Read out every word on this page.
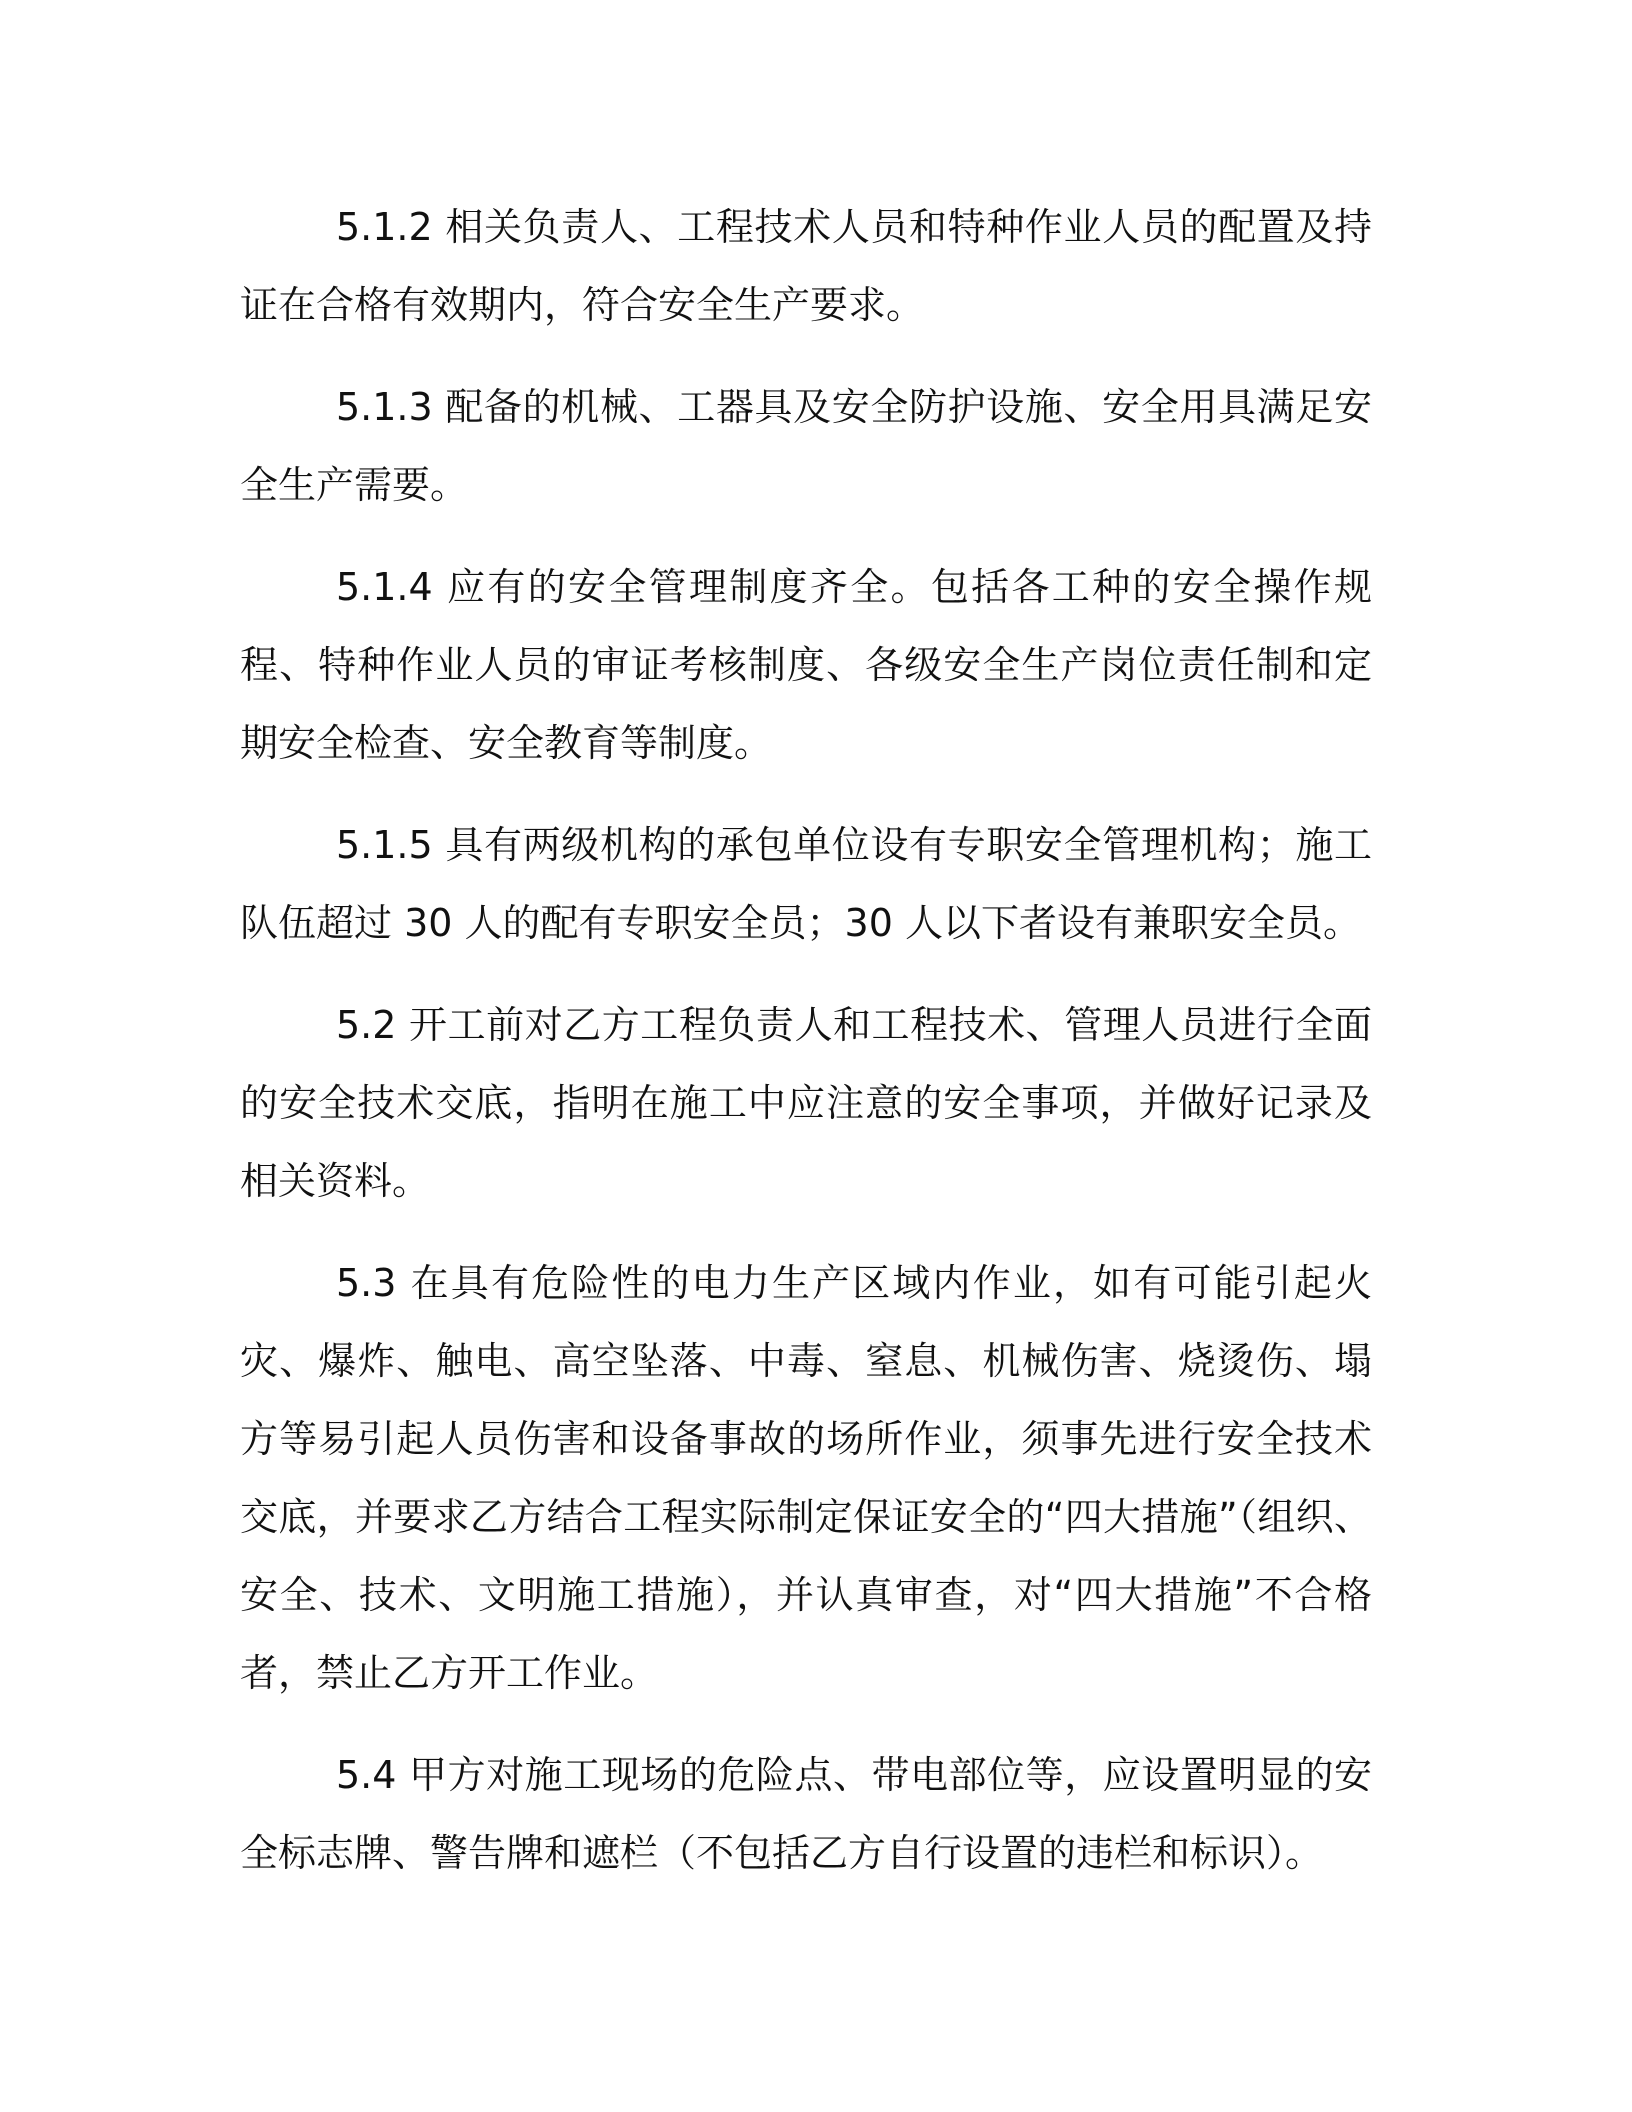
5.1.2 相关负责人、工程技术人员和特种作业人员的配置及持证在合格有效期内，符合安全生产要求。

5.1.3 配备的机械、工器具及安全防护设施、安全用具满足安全生产需要。

5.1.4 应有的安全管理制度齐全。包括各工种的安全操作规程、特种作业人员的审证考核制度、各级安全生产岗位责任制和定期安全检查、安全教育等制度。

5.1.5 具有两级机构的承包单位设有专职安全管理机构；施工队伍超过 30 人的配有专职安全员；30 人以下者设有兼职安全员。

5.2 开工前对乙方工程负责人和工程技术、管理人员进行全面的安全技术交底，指明在施工中应注意的安全事项，并做好记录及相关资料。

5.3 在具有危险性的电力生产区域内作业，如有可能引起火灾、爆炸、触电、高空坠落、中毒、窒息、机械伤害、烧烫伤、塌方等易引起人员伤害和设备事故的场所作业，须事先进行安全技术交底，并要求乙方结合工程实际制定保证安全的“四大措施”（组织、安全、技术、文明施工措施），并认真审查，对“四大措施”不合格者，禁止乙方开工作业。

5.4 甲方对施工现场的危险点、带电部位等，应设置明显的安全标志牌、警告牌和遮栏（不包括乙方自行设置的违栏和标识）。
